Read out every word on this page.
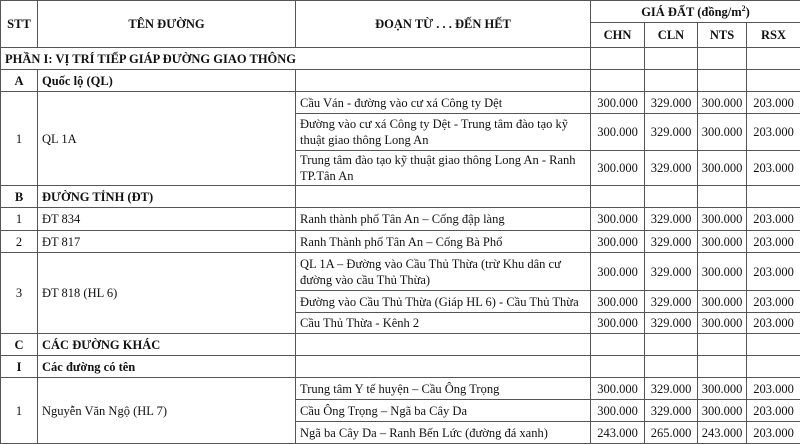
STT	TÊN ĐƯỜNG	ĐOẠN TỪ . . . ĐẾN HẾT	GIÁ ĐẤT $(đồng/m^2)$			
			CHN	CLN	NTS	RSX
PHẦN I: VỊ TRÍ TIẾP GIÁP ĐƯỜNG GIAO THÔNG						
A	Quốc lộ (QL)					
1	QL 1A	Cầu Ván - đường vào cư xá Công ty Dệt	300.000	329.000	300.000	203.000
		Đường vào cư xá Công ty Dệt - Trung tâm đào tạo kỹ thuật giao thông Long An	300.000	329.000	300.000	203.000
		Trung tâm đào tạo kỹ thuật giao thông Long An - Ranh TP.Tân An	300.000	329.000	300.000	203.000
B	ĐƯỜNG TỈNH (ĐT)					
1	ĐT 834	Ranh thành phố Tân An – Cống đập làng	300.000	329.000	300.000	203.000
2	ĐT 817	Ranh Thành phố Tân An – Cống Bà Phổ	300.000	329.000	300.000	203.000
3	ĐT 818 (HL 6)	QL 1A – Đường vào Cầu Thủ Thừa (trừ Khu dân cư đường vào cầu Thủ Thừa)	300.000	329.000	300.000	203.000
		Đường vào Cầu Thủ Thừa (Giáp HL 6) - Cầu Thủ Thừa	300.000	329.000	300.000	203.000
		Cầu Thủ Thừa - Kênh 2	300.000	329.000	300.000	203.000
C	CÁC ĐƯỜNG KHÁC					
I	Các đường có tên					
1	Nguyễn Văn Ngộ (HL 7)	Trung tâm Y tế huyện – Cầu Ông Trọng	300.000	329.000	300.000	203.000
		Cầu Ông Trọng – Ngã ba Cây Da	300.000	329.000	300.000	203.000
		Ngã ba Cây Da – Ranh Bến Lức (đường đá xanh)	243.000	265.000	243.000	203.000
